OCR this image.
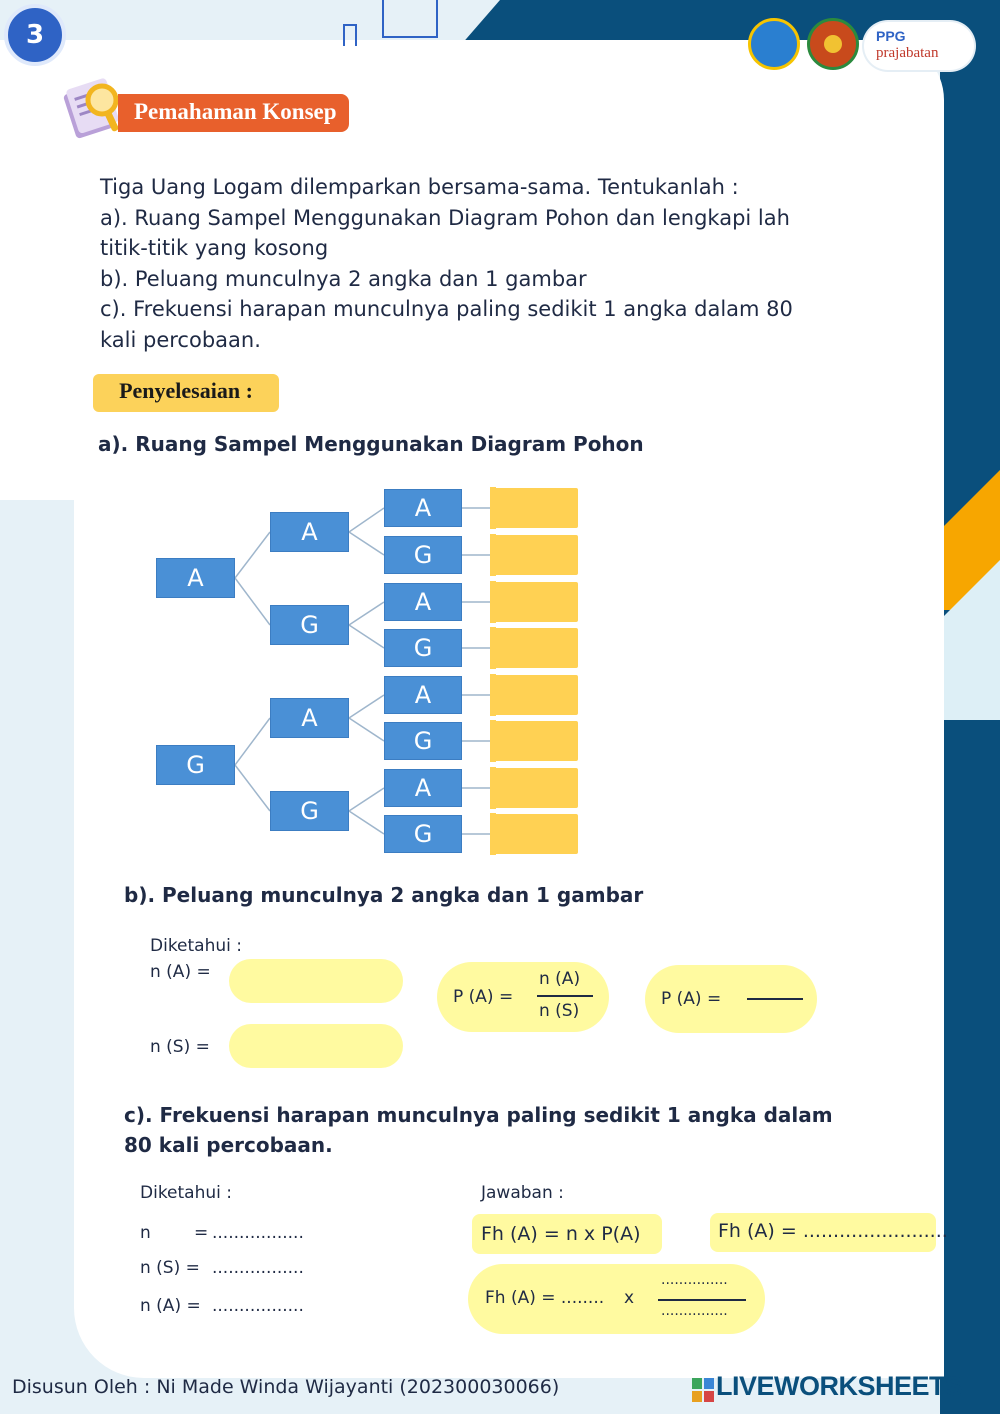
3	PPG
prajabatan
Pemahaman Konsep
Tiga Uang Logam dilemparkan bersama-sama. Tentukanlah :
a). Ruang Sampel Menggunakan Diagram Pohon dan lengkapi lah
titik-titik yang kosong
b). Peluang munculnya 2 angka dan 1 gambar
c). Frekuensi harapan munculnya paling sedikit 1 angka dalam 80
kali percobaan.
Penyelesaian :
a). Ruang Sampel Menggunakan Diagram Pohon
A
G
A
G
A
G
A
G
A
G
A
G
A
G
b). Peluang munculnya 2 angka dan 1 gambar
Diketahui :
n (A) =
n (S) =
P (A) =
n (A)
n (S)
P (A) =
c). Frekuensi harapan munculnya paling sedikit 1 angka dalam
80 kali percobaan.
Diketahui :
n	= .................
n (S) = .................
n (A) = .................
Jawaban :
Fh (A) = n x P(A)	Fh (A) = ........................
Fh (A) = ........ x
...............
...............
Disusun Oleh : Ni Made Winda Wijayanti (202300030066)	LIVEWORKSHEETS
